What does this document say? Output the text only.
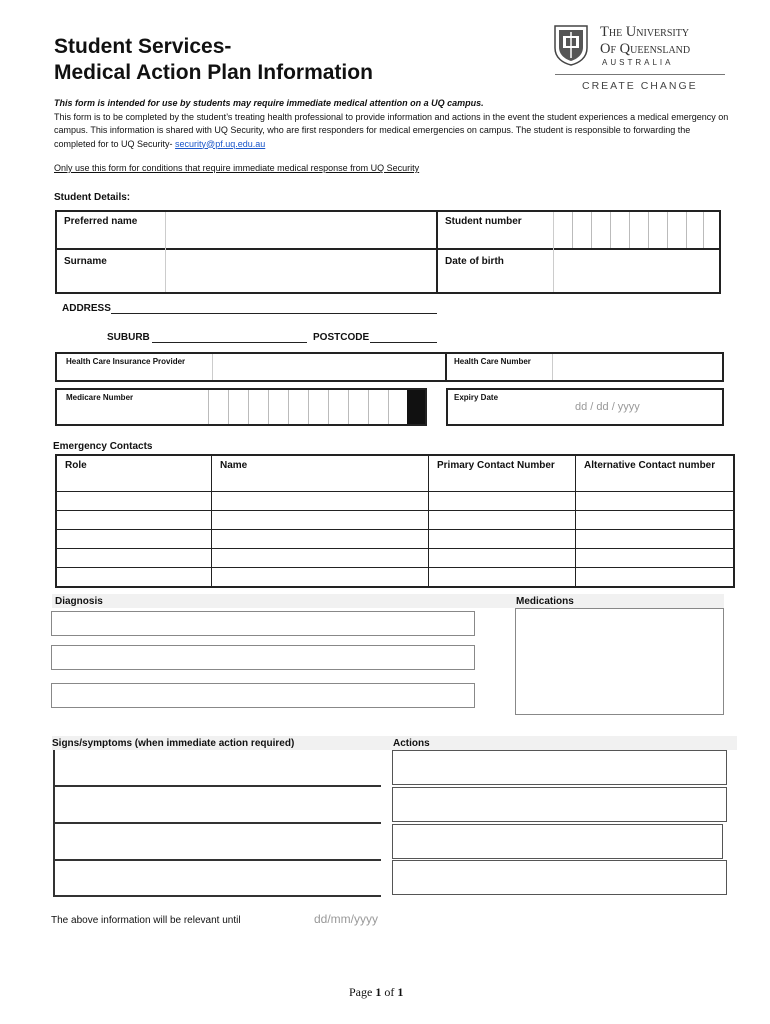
Student Services-
Medical Action Plan Information
The University
Of Queensland
AUSTRALIA
CREATE CHANGE
This form is intended for use by students may require immediate medical attention on a UQ campus.
This form is to be completed by the student’s treating health professional to provide information and actions in the event the student experiences a medical emergency on campus. This information is shared with UQ Security, who are first responders for medical emergencies on campus. The student is responsible to forwarding the completed for to UQ Security- security@pf.uq.edu.au
Only use this form for conditions that require immediate medical response from UQ Security
Student Details:
Preferred name	Student number
Surname	Date of birth
ADDRESS
SUBURB	POSTCODE
Health Care Insurance Provider	Health Care Number
Medicare Number	Expiry Date
dd / dd / yyyy
Emergency Contacts
Role	Name	Primary Contact Number	Alternative Contact number

Diagnosis	Medications
Signs/symptoms (when immediate action required)	Actions
The above information will be relevant until	dd/mm/yyyy
Page 1 of 1
